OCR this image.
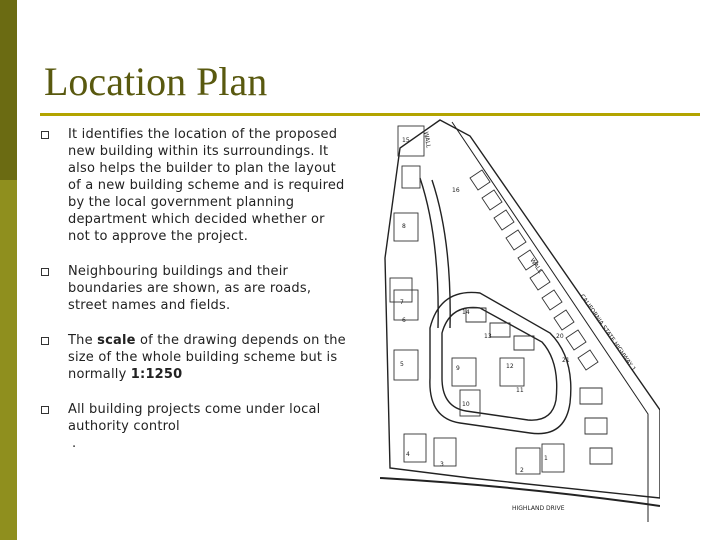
Location Plan
It identifies the location of the proposed new building within its surroundings. It also helps the builder to plan the layout of a new building scheme and is required by the local government planning department which decided whether or not to approve the project.
Neighbouring buildings and their boundaries are shown, as are roads, street names and fields.
The scale of the drawing depends on the size of the whole building scheme but is normally 1:1250
All building projects come under local authority control
.
WALL
WALL
CALIFORNIA STATE HIGHWAY 1
HIGHLAND DRIVE
15
16
8
7
14
12
13
9
10
11
5
6
4
3
2
1
20
21
